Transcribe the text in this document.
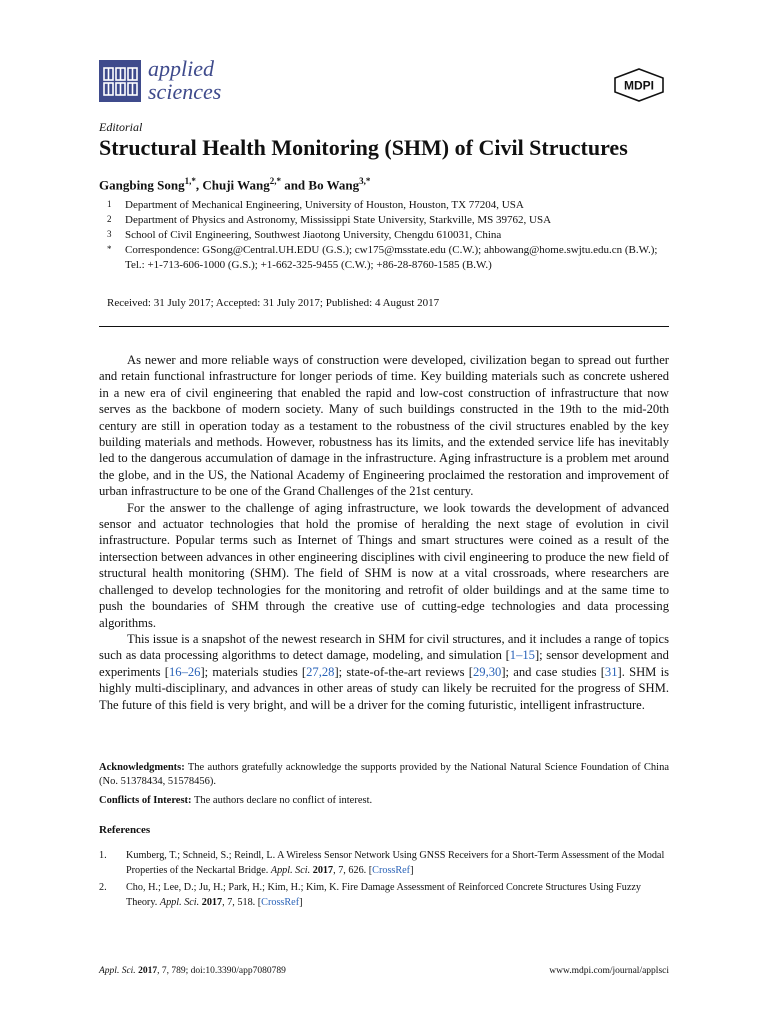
applied
sciences	MDPI
Editorial
Structural Health Monitoring (SHM) of Civil Structures
Gangbing Song$^{1,*}$, Chuji Wang$^{2,*}$ and Bo Wang$^{3,*}$
1	Department of Mechanical Engineering, University of Houston, Houston, TX 77204, USA
2	Department of Physics and Astronomy, Mississippi State University, Starkville, MS 39762, USA
3	School of Civil Engineering, Southwest Jiaotong University, Chengdu 610031, China
*	Correspondence: GSong@Central.UH.EDU (G.S.); cw175@msstate.edu (C.W.); ahbowang@home.swjtu.edu.cn (B.W.); Tel.: +1-713-606-1000 (G.S.); +1-662-325-9455 (C.W.); +86-28-8760-1585 (B.W.)
Received: 31 July 2017; Accepted: 31 July 2017; Published: 4 August 2017

As newer and more reliable ways of construction were developed, civilization began to spread out further and retain functional infrastructure for longer periods of time. Key building materials such as concrete ushered in a new era of civil engineering that enabled the rapid and low-cost construction of infrastructure that now serves as the backbone of modern society. Many of such buildings constructed in the 19th to the mid-20th century are still in operation today as a testament to the robustness of the civil structures enabled by the key building materials and methods. However, robustness has its limits, and the extended service life has inevitably led to the dangerous accumulation of damage in the infrastructure. Aging infrastructure is a problem met around the globe, and in the US, the National Academy of Engineering proclaimed the restoration and improvement of urban infrastructure to be one of the Grand Challenges of the 21st century.

For the answer to the challenge of aging infrastructure, we look towards the development of advanced sensor and actuator technologies that hold the promise of heralding the next stage of evolution in civil infrastructure. Popular terms such as Internet of Things and smart structures were coined as a result of the intersection between advances in other engineering disciplines with civil engineering to produce the new field of structural health monitoring (SHM). The field of SHM is now at a vital crossroads, where researchers are challenged to develop technologies for the monitoring and retrofit of older buildings and at the same time to push the boundaries of SHM through the creative use of cutting-edge technologies and data processing algorithms.

This issue is a snapshot of the newest research in SHM for civil structures, and it includes a range of topics such as data processing algorithms to detect damage, modeling, and simulation [1–15]; sensor development and experiments [16–26]; materials studies [27,28]; state-of-the-art reviews [29,30]; and case studies [31]. SHM is highly multi-disciplinary, and advances in other areas of study can likely be recruited for the progress of SHM. The future of this field is very bright, and will be a driver for the coming futuristic, intelligent infrastructure.

Acknowledgments: The authors gratefully acknowledge the supports provided by the National Natural Science Foundation of China (No. 51378434, 51578456).
Conflicts of Interest: The authors declare no conflict of interest.
References
1.	Kumberg, T.; Schneid, S.; Reindl, L. A Wireless Sensor Network Using GNSS Receivers for a Short-Term Assessment of the Modal Properties of the Neckartal Bridge. Appl. Sci. 2017, 7, 626. [CrossRef]
2.	Cho, H.; Lee, D.; Ju, H.; Park, H.; Kim, H.; Kim, K. Fire Damage Assessment of Reinforced Concrete Structures Using Fuzzy Theory. Appl. Sci. 2017, 7, 518. [CrossRef]
Appl. Sci. 2017, 7, 789; doi:10.3390/app7080789	www.mdpi.com/journal/applsci
